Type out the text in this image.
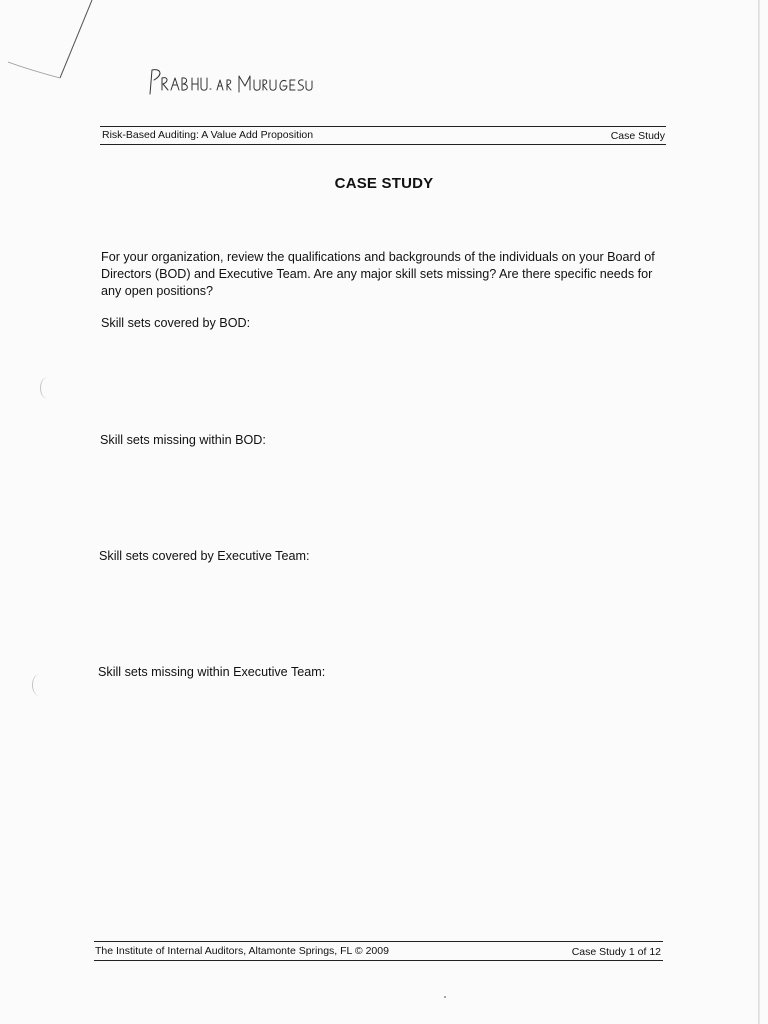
Risk-Based Auditing: A Value Add Proposition	Case Study
CASE STUDY
For your organization, review the qualifications and backgrounds of the individuals on your Board of Directors (BOD) and Executive Team. Are any major skill sets missing? Are there specific needs for any open positions?
Skill sets covered by BOD:
Skill sets missing within BOD:
Skill sets covered by Executive Team:
Skill sets missing within Executive Team:
The Institute of Internal Auditors, Altamonte Springs, FL © 2009	Case Study 1 of 12
